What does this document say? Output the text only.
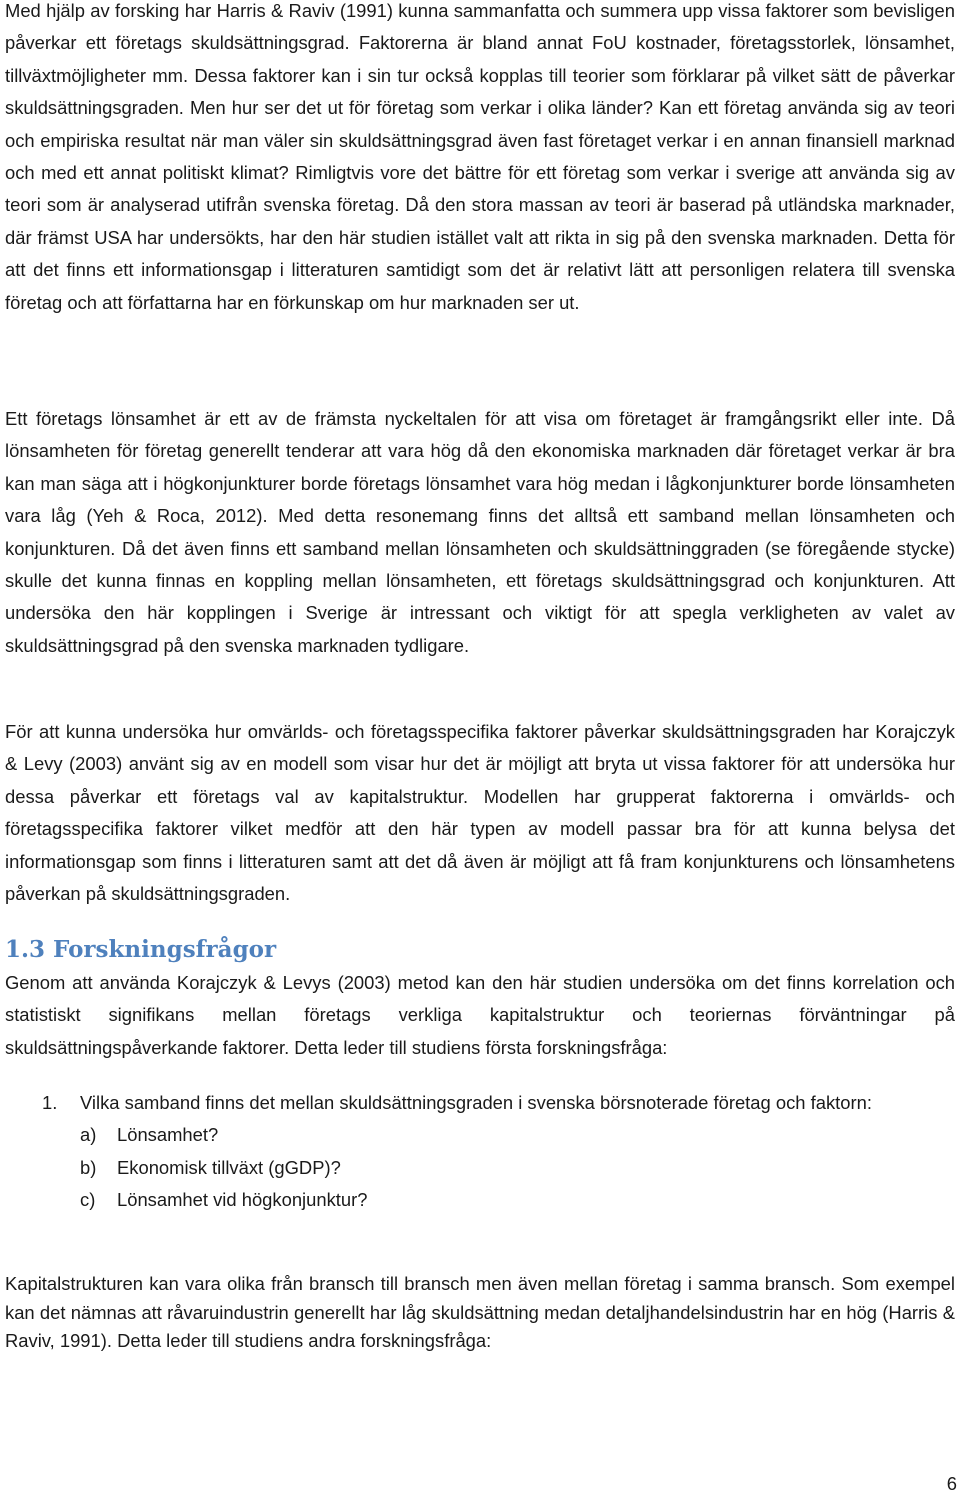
Med hjälp av forsking har Harris & Raviv (1991) kunna sammanfatta och summera upp vissa faktorer som bevisligen påverkar ett företags skuldsättningsgrad. Faktorerna är bland annat FoU kostnader, företagsstorlek, lönsamhet, tillväxtmöjligheter mm. Dessa faktorer kan i sin tur också kopplas till teorier som förklarar på vilket sätt de påverkar skuldsättningsgraden. Men hur ser det ut för företag som verkar i olika länder? Kan ett företag använda sig av teori och empiriska resultat när man väler sin skuldsättningsgrad även fast företaget verkar i en annan finansiell marknad och med ett annat politiskt klimat? Rimligtvis vore det bättre för ett företag som verkar i sverige att använda sig av teori som är analyserad utifrån svenska företag. Då den stora massan av teori är baserad på utländska marknader, där främst USA har undersökts, har den här studien istället valt att rikta in sig på den svenska marknaden. Detta för att det finns ett informationsgap i litteraturen samtidigt som det är relativt lätt att personligen relatera till svenska företag och att författarna har en förkunskap om hur marknaden ser ut.

Ett företags lönsamhet är ett av de främsta nyckeltalen för att visa om företaget är framgångsrikt eller inte. Då lönsamheten för företag generellt tenderar att vara hög då den ekonomiska marknaden där företaget verkar är bra kan man säga att i högkonjunkturer borde företags lönsamhet vara hög medan i lågkonjunkturer borde lönsamheten vara låg (Yeh & Roca, 2012). Med detta resonemang finns det alltså ett samband mellan lönsamheten och konjunkturen. Då det även finns ett samband mellan lönsamheten och skuldsättninggraden (se föregående stycke) skulle det kunna finnas en koppling mellan lönsamheten, ett företags skuldsättningsgrad och konjunkturen. Att undersöka den här kopplingen i Sverige är intressant och viktigt för att spegla verkligheten av valet av skuldsättningsgrad på den svenska marknaden tydligare.

För att kunna undersöka hur omvärlds- och företagsspecifika faktorer påverkar skuldsättningsgraden har Korajczyk & Levy (2003) använt sig av en modell som visar hur det är möjligt att bryta ut vissa faktorer för att undersöka hur dessa påverkar ett företags val av kapitalstruktur. Modellen har grupperat faktorerna i omvärlds- och företagsspecifika faktorer vilket medför att den här typen av modell passar bra för att kunna belysa det informationsgap som finns i litteraturen samt att det då även är möjligt att få fram konjunkturens och lönsamhetens påverkan på skuldsättningsgraden.

1.3 Forskningsfrågor

Genom att använda Korajczyk & Levys (2003) metod kan den här studien undersöka om det finns korrelation och statistiskt signifikans mellan företags verkliga kapitalstruktur och teoriernas förväntningar på skuldsättningspåverkande faktorer. Detta leder till studiens första forskningsfråga:

1.	Vilka samband finns det mellan skuldsättningsgraden i svenska börsnoterade företag och faktorn:
a)	Lönsamhet?
b)	Ekonomisk tillväxt (gGDP)?
c)	Lönsamhet vid högkonjunktur?

Kapitalstrukturen kan vara olika från bransch till bransch men även mellan företag i samma bransch. Som exempel kan det nämnas att råvaruindustrin generellt har låg skuldsättning medan detaljhandelsindustrin har en hög (Harris & Raviv, 1991). Detta leder till studiens andra forskningsfråga:

6
